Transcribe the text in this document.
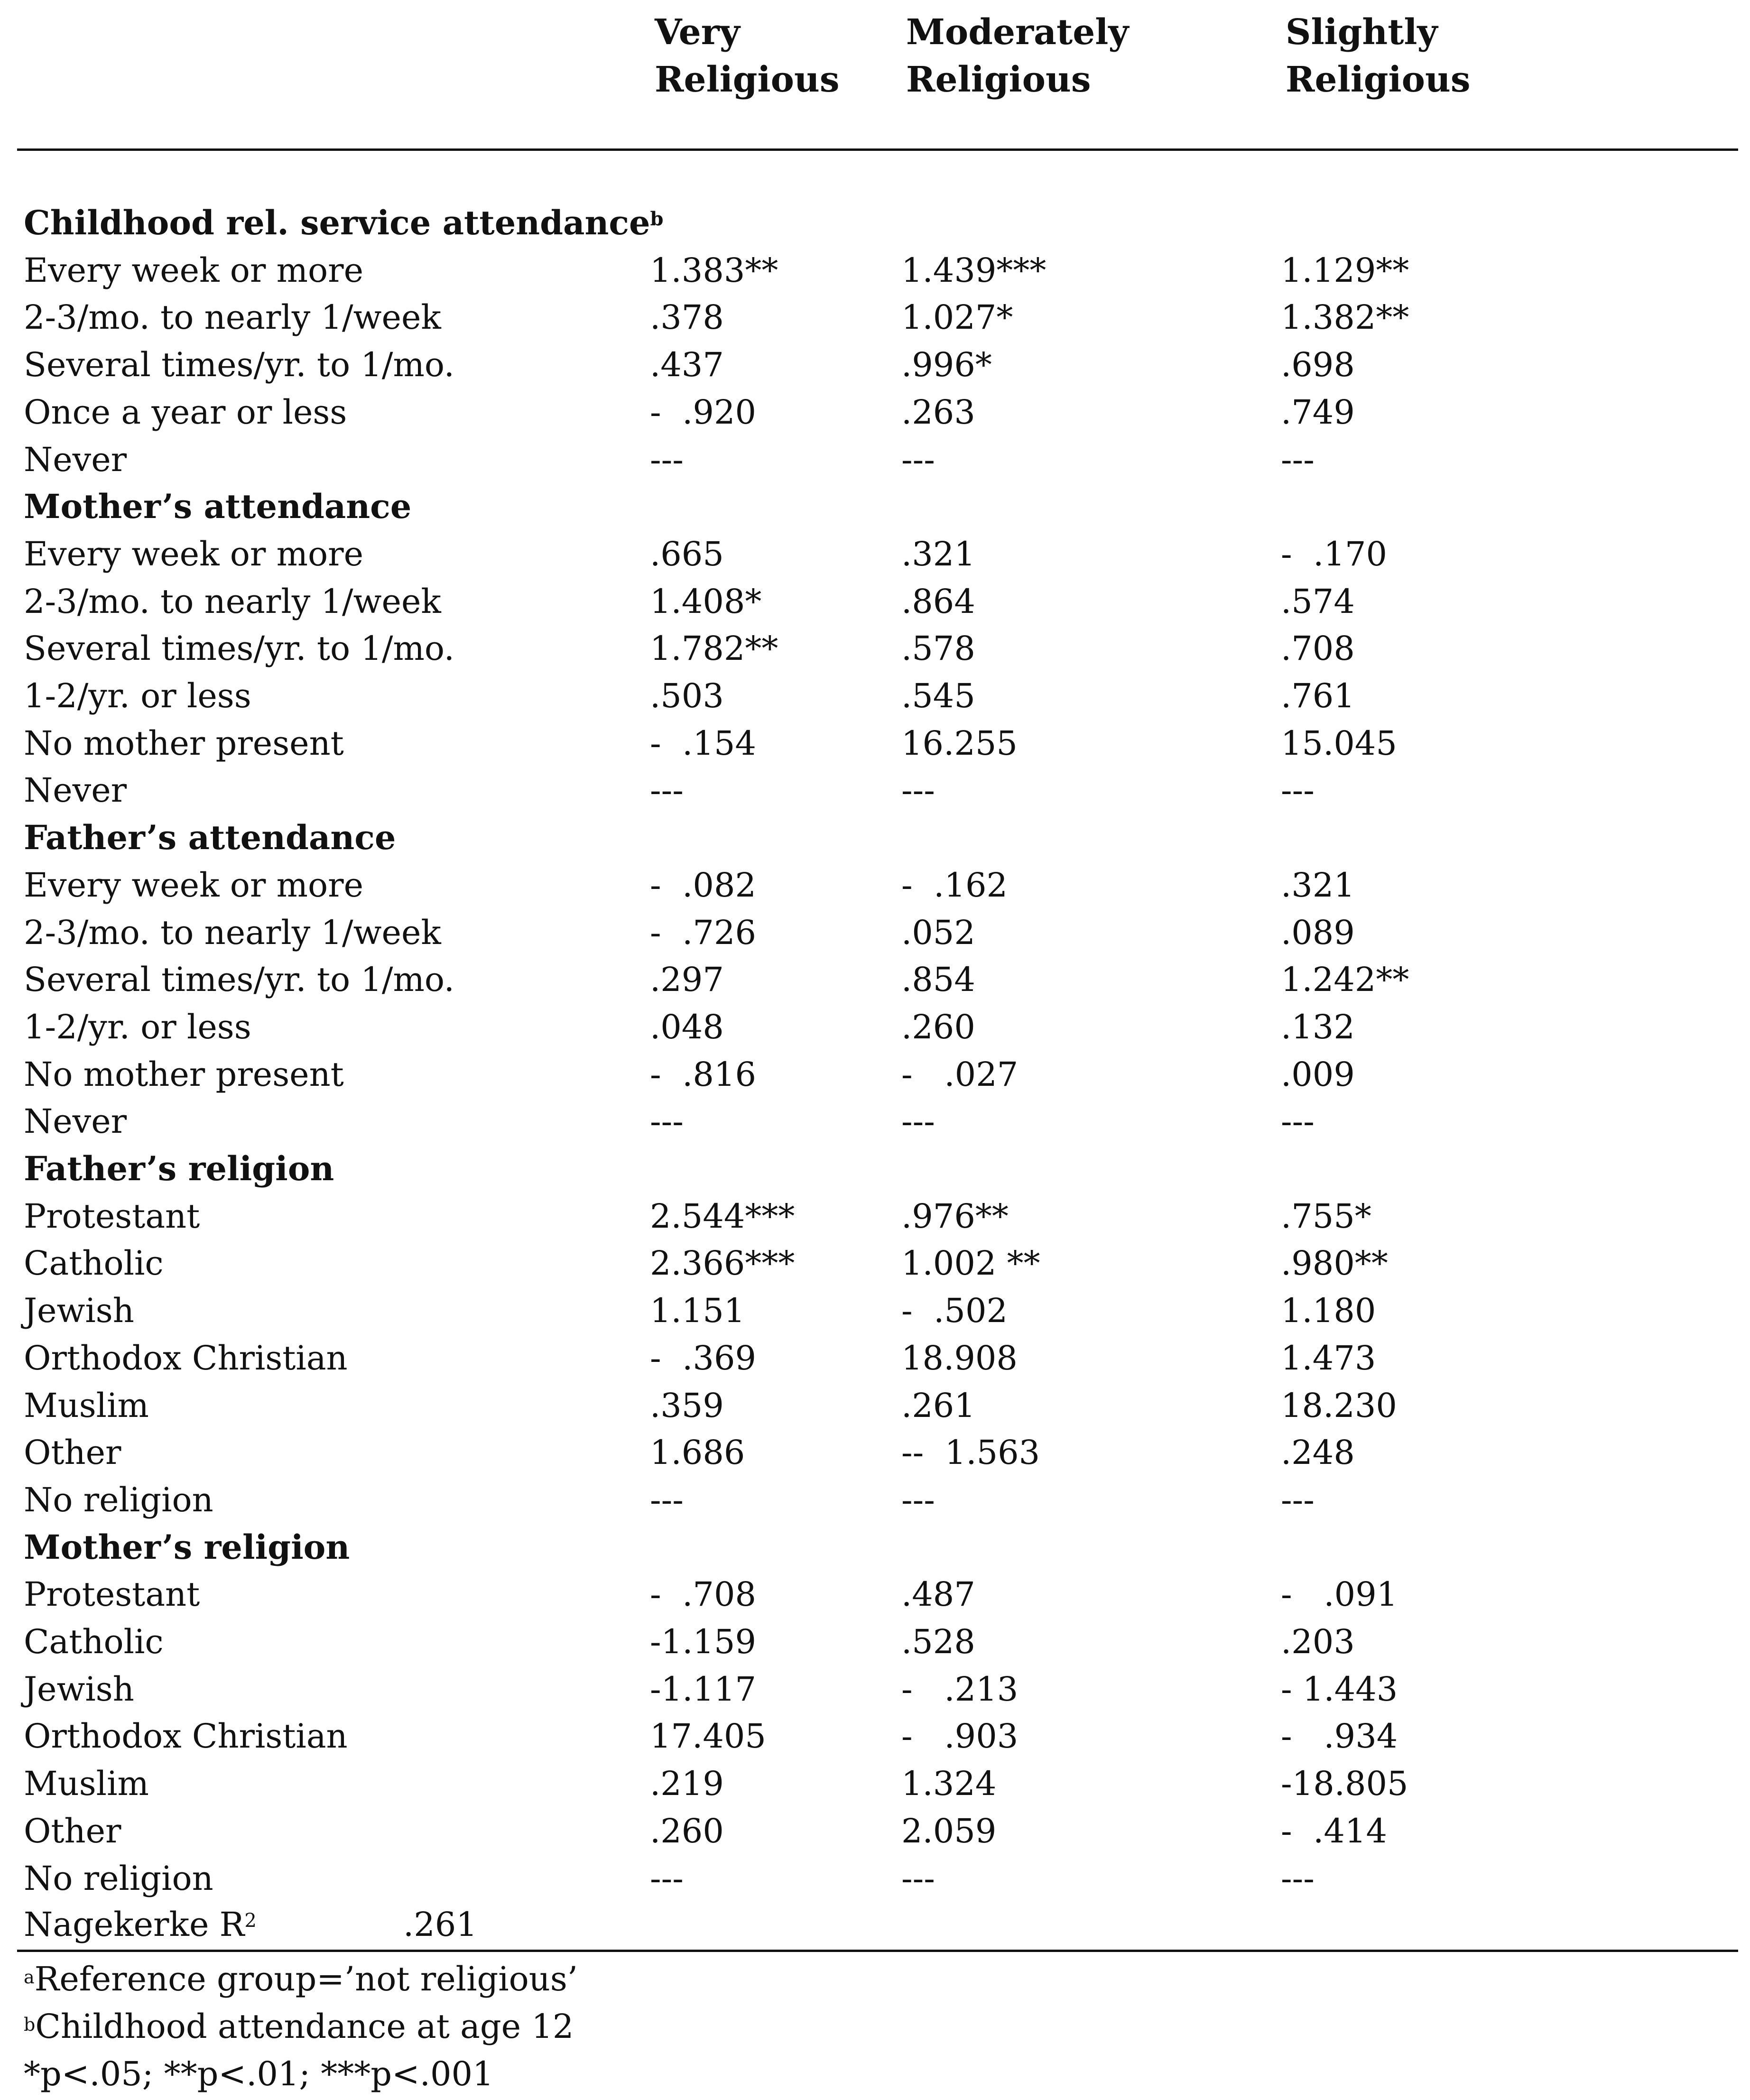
Very
Religious
Moderately
Religious
Slightly
Religious
Childhood rel. service attendance$^b$
Every week or more	1.383**	1.439***	1.129**
2-3/mo. to nearly 1/week	.378	1.027*	1.382**
Several times/yr. to 1/mo.	.437	.996*	.698
Once a year or less	-  .920	.263	.749
Never	---	---	---
Mother’s attendance
Every week or more	.665	.321	-  .170
2-3/mo. to nearly 1/week	1.408*	.864	.574
Several times/yr. to 1/mo.	1.782**	.578	.708
1-2/yr. or less	.503	.545	.761
No mother present	-  .154	16.255	15.045
Never	---	---	---
Father’s attendance
Every week or more	-  .082	-  .162	.321
2-3/mo. to nearly 1/week	-  .726	.052	.089
Several times/yr. to 1/mo.	.297	.854	1.242**
1-2/yr. or less	.048	.260	.132
No mother present	-  .816	-   .027	.009
Never	---	---	---
Father’s religion
Protestant	2.544***	.976**	.755*
Catholic	2.366***	1.002 **	.980**
Jewish	1.151	-  .502	1.180
Orthodox Christian	-  .369	18.908	1.473
Muslim	.359	.261	18.230
Other	1.686	--  1.563	.248
No religion	---	---	---
Mother’s religion
Protestant	-  .708	.487	-   .091
Catholic	-1.159	.528	.203
Jewish	-1.117	-   .213	- 1.443
Orthodox Christian	17.405	-   .903	-   .934
Muslim	.219	1.324	-18.805
Other	.260	2.059	-  .414
No religion	---	---	---
Nagekerke $R^2$	.261
$^a$Reference group=’not religious’
$^b$Childhood attendance at age 12
*p<.05; **p<.01; ***p<.001
